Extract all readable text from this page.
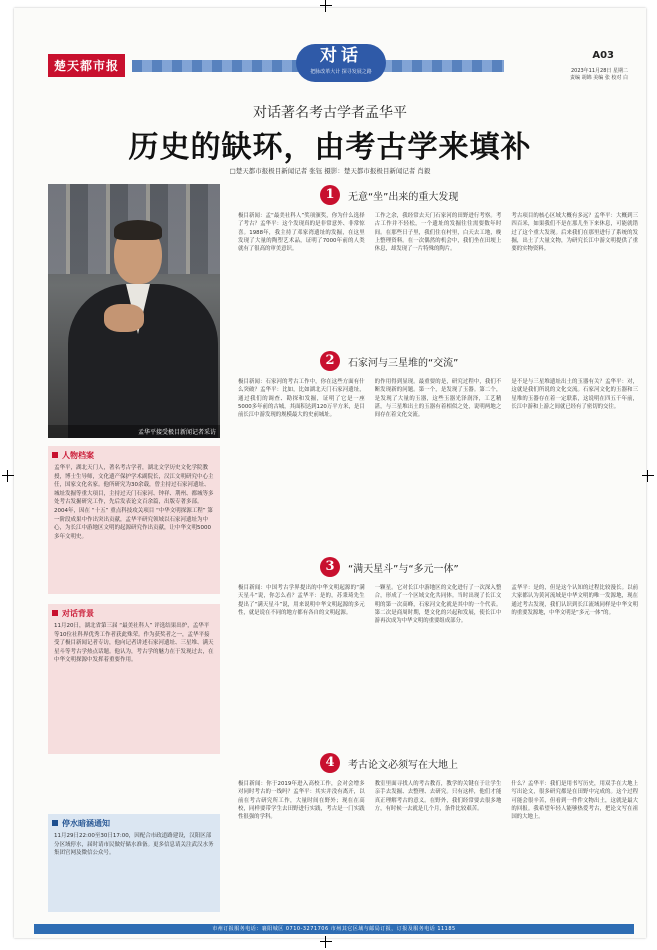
楚天都市报	对话
把脉改革大计 探寻发展之路
A03
2023年11月28日 星期二
责编 胡锦 美编 张 校对 白
对话著名考古学者孟华平
历史的缺环，由考古学来填补
□楚天都市报极目新闻记者 张钰 摄影：楚天都市报极目新闻记者 肖毅
孟华平接受极目新闻记者采访
人物档案
孟华平，湖北天门人，著名考古学者，湖北文学历史文化学院教授，博士生导师，文化遗产保护学术副院长，汉江文明研究中心主任，国家文化名家。他所研究为30余载，曾主持过石家河遗址、城址发掘等重大项目，主持过天门石家河、钟祥、荆州、都城等多处考古发掘研究工作，先后发表论文百余篇，出版专著多部。2004年，因在 “十五” 重点科技攻关项目 “中华文明探源工程” 第一阶段成果中作出突出贡献，孟华平研究领域以石家河遗址为中心，为长江中游地区文明的起源研究作出贡献，让中华文明5000多年文明史。
对话背景
11月20日，湖北省第三届 “最美社科人” 评选结果出炉，孟华平等10位社科界优秀工作者获此殊荣。作为获奖者之一，孟华平接受了极目新闻记者专访，他向记者讲述石家河遗址、三星堆、满天星斗等考古学热点话题。他认为，考古学的魅力在于发现过去，在中华文明探源中发挥着重要作用。
停水暗涵通知
11月29日22:00至30日17:00，因配合市政道路建设，汉阳区部分区域停水，届时请市民做好储水准备。更多信息请关注武汉水务集团官网及微信公众号。
1	无意“坐”出来的重大发现
极目新闻：孟“最美社科人”奖项颁奖，你为什么选择了考古？孟华平：这个发现真的是非常意外、非常惊喜。1988年，我主持了邓家湾遗址的发掘，在这里发现了大量的陶塑艺术品，证明了7000年前的人类就有了很高的审美意识。
工作之余，我经常去天门石家河的田野进行考察。考古工作并不轻松，一个遗址的发掘往往需要数年时间。在那些日子里，我们住在村里，白天去工地，晚上整理资料。在一次偶然的机会中，我们坐在田埂上休息，却发现了一片特殊的陶片。
考古项目的核心区域大概有多远？孟华平：大概到三四百米，如果我们不是在那儿坐下来休息，可能就错过了这个重大发现。后来我们在那里进行了系统的发掘，出土了大量文物，为研究长江中游文明提供了重要的实物资料。
2	石家河与三星堆的“交流”
极目新闻：石家河的考古工作中，你在这些方面有什么突破？孟华平：比如，比如湖北天门石家河遗址，通过我们的调查、勘探和发掘，证明了它是一座5000多年前的古城，其面积达到120万平方米，是目前长江中游发现的规模最大的史前城址。
的作用得到显现。最重要的是，研究过程中，我们不断发现新的问题。第一个，是发现了玉器。第二个，是发现了大量的玉器，这些玉器光泽润泽，工艺精湛，与三星堆出土的玉器有着相似之处，说明两地之间存在着文化交流。
是不是与三星堆遗址出土的玉器有关？孟华平：对，这就是我们所说的文化交流。石家河文化的玉器和三星堆的玉器存在着一定联系，这说明在四五千年前，长江中游和上游之间就已经有了密切的交往。
3	“满天星斗”与“多元一体”
极目新闻：中国考古学界提出的中华文明起源的“满天星斗”说，你怎么看？孟华平：是的，苏秉琦先生提出了“满天星斗”说，用来说明中华文明起源的多元性，就是说在不同的地方都有各自的文明起源。
一颗星。它对长江中游地区的文化进行了一次深入整合，形成了一个区域文化共同体。当时出现了长江文明的第一次高峰，石家河文化就是其中的一个代表。第二次是商周时期，楚文化的兴起和发展，使长江中游再次成为中华文明的重要组成部分。
孟华平：是的，但是这个认知的过程比较漫长。以前大家都认为黄河流域是中华文明的唯一发源地，现在通过考古发现，我们认识到长江流域同样是中华文明的重要发源地，中华文明是“多元一体”的。
4	考古论文必须写在大地上
极目新闻：你于2019年进入高校工作，会对会增多对同时考古的一线吗？孟华平：其实并没有离开，以前在考古研究所工作，大量时间在野外；现在在高校，同样要带学生去田野进行实践，考古是一门实践性很强的学科。
教室里面寻找人的考古教育，教学的关键在于让学生亲手去发掘、去整理、去研究。只有这样，他们才能真正理解考古的意义。在野外，我们经常要去很多地方，有时候一去就是几个月，条件比较艰苦。
什么？孟华平：我们是用书写历史，用双手在大地上写出论文，很多研究都是在田野中完成的。这个过程可能会很辛苦，但看到一件件文物出土，这就是最大的回报。我希望年轻人能够热爱考古，把论文写在祖国的大地上。
市州订报服务电话：襄阳城区 0710-3271706 市州其它区域与邮局订报，订报及服务电话 11185
